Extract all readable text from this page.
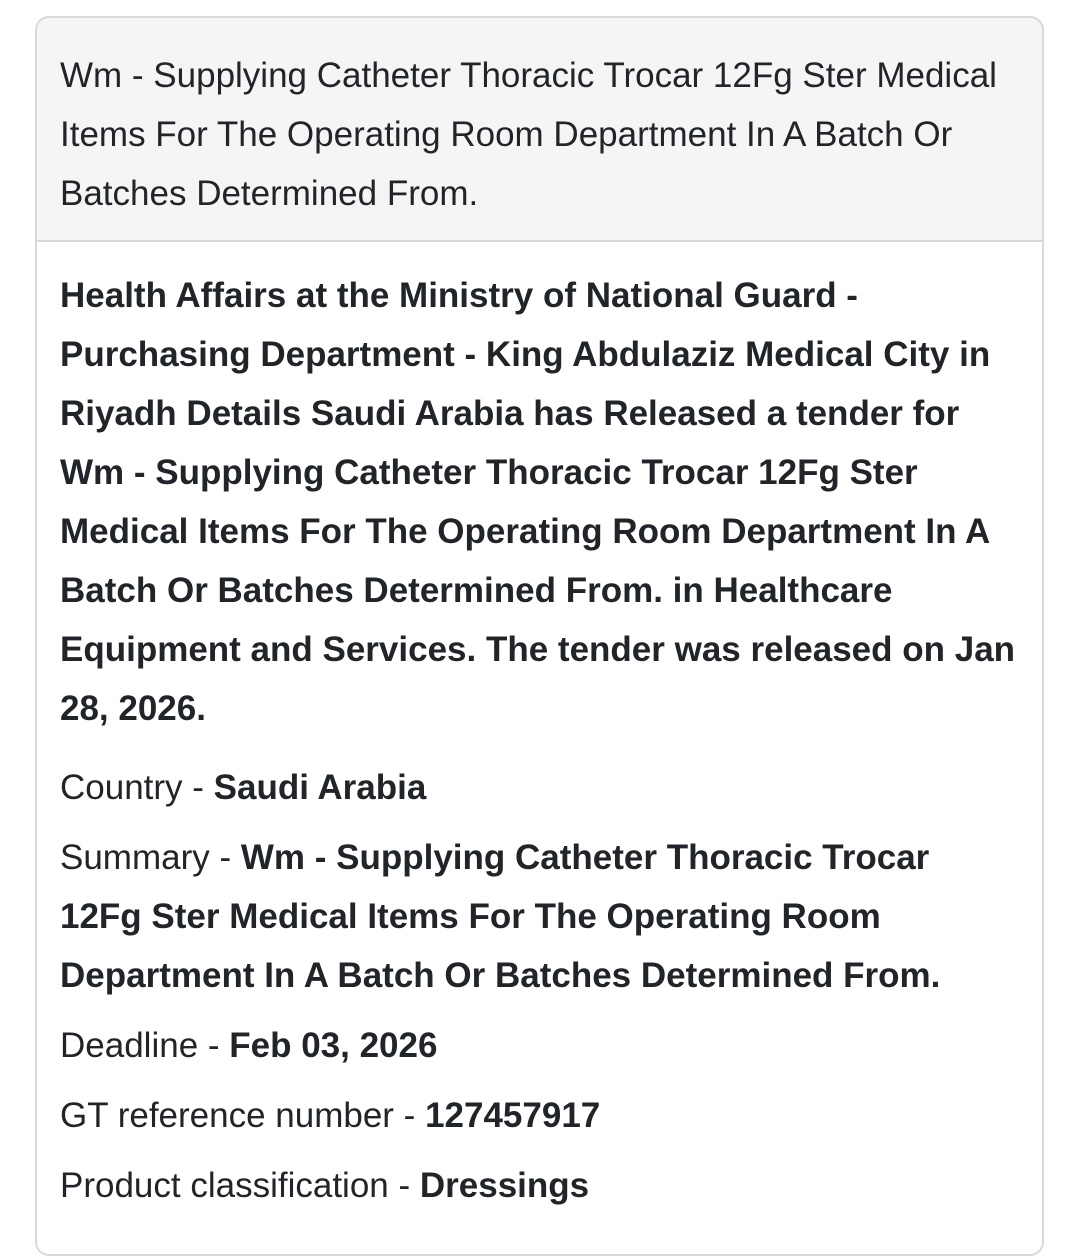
Wm - Supplying Catheter Thoracic Trocar 12Fg Ster Medical Items For The Operating Room Department In A Batch Or Batches Determined From.

Health Affairs at the Ministry of National Guard - Purchasing Department - King Abdulaziz Medical City in Riyadh Details Saudi Arabia has Released a tender for Wm - Supplying Catheter Thoracic Trocar 12Fg Ster Medical Items For The Operating Room Department In A Batch Or Batches Determined From. in Healthcare Equipment and Services. The tender was released on Jan 28, 2026.

Country - Saudi Arabia
Summary - Wm - Supplying Catheter Thoracic Trocar 12Fg Ster Medical Items For The Operating Room Department In A Batch Or Batches Determined From.
Deadline - Feb 03, 2026
GT reference number - 127457917
Product classification - Dressings
